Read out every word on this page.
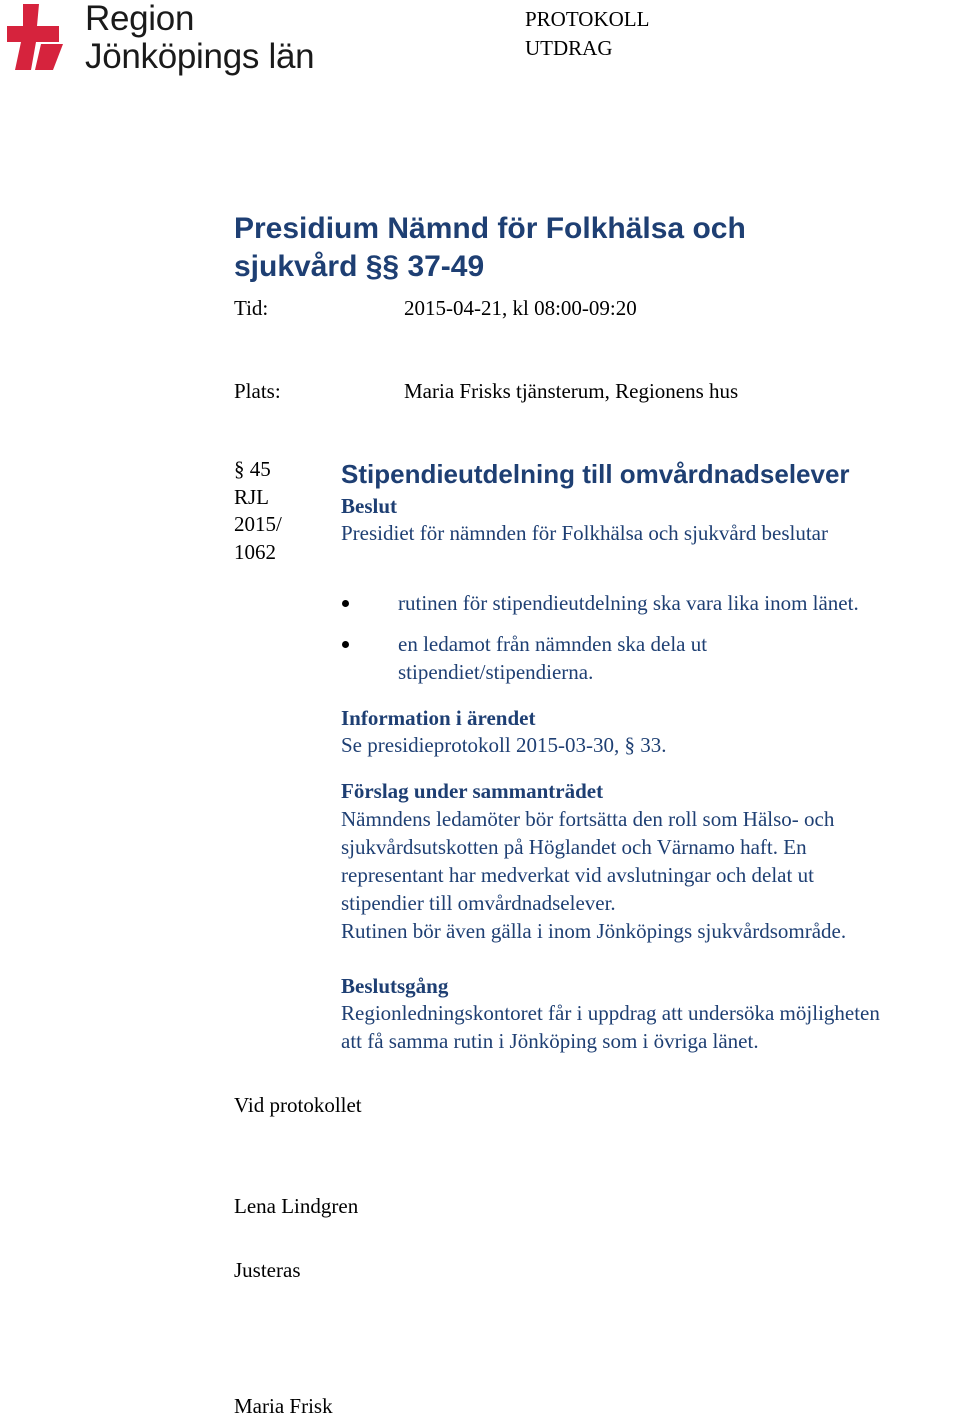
Region
Jönköpings län
PROTOKOLL
UTDRAG
Presidium Nämnd för Folkhälsa och
sjukvård §§ 37-49
Tid:	2015-04-21, kl 08:00-09:20
Plats:	Maria Frisks tjänsterum, Regionens hus
§ 45
RJL
2015/
1062
Stipendieutdelning till omvårdnadselever
Beslut
Presidiet för nämnden för Folkhälsa och sjukvård beslutar
rutinen för stipendieutdelning ska vara lika inom länet.
en ledamot från nämnden ska dela ut
stipendiet/stipendierna.
Information i ärendet
Se presidieprotokoll 2015-03-30, § 33.
Förslag under sammanträdet
Nämndens ledamöter bör fortsätta den roll som Hälso- och
sjukvårdsutskotten på Höglandet och Värnamo haft. En
representant har medverkat vid avslutningar och delat ut
stipendier till omvårdnadselever.
Rutinen bör även gälla i inom Jönköpings sjukvårdsområde.
Beslutsgång
Regionledningskontoret får i uppdrag att undersöka möjligheten
att få samma rutin i Jönköping som i övriga länet.
Vid protokollet
Lena Lindgren
Justeras
Maria Frisk
